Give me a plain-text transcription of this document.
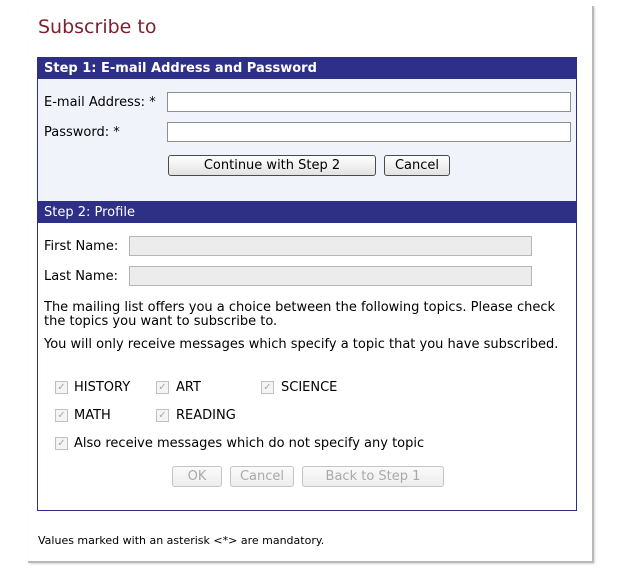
Subscribe to
Step 1: E-mail Address and Password
E-mail Address: *
Password: *
Continue with Step 2	Cancel
Step 2: Profile
First Name:
Last Name:
The mailing list offers you a choice between the following topics. Please check the topics you want to subscribe to.
You will only receive messages which specify a topic that you have subscribed.
✓ HISTORY	✓ ART	✓ SCIENCE
✓ MATH	✓ READING
✓ Also receive messages which do not specify any topic
OK	Cancel	Back to Step 1
Values marked with an asterisk <*> are mandatory.
